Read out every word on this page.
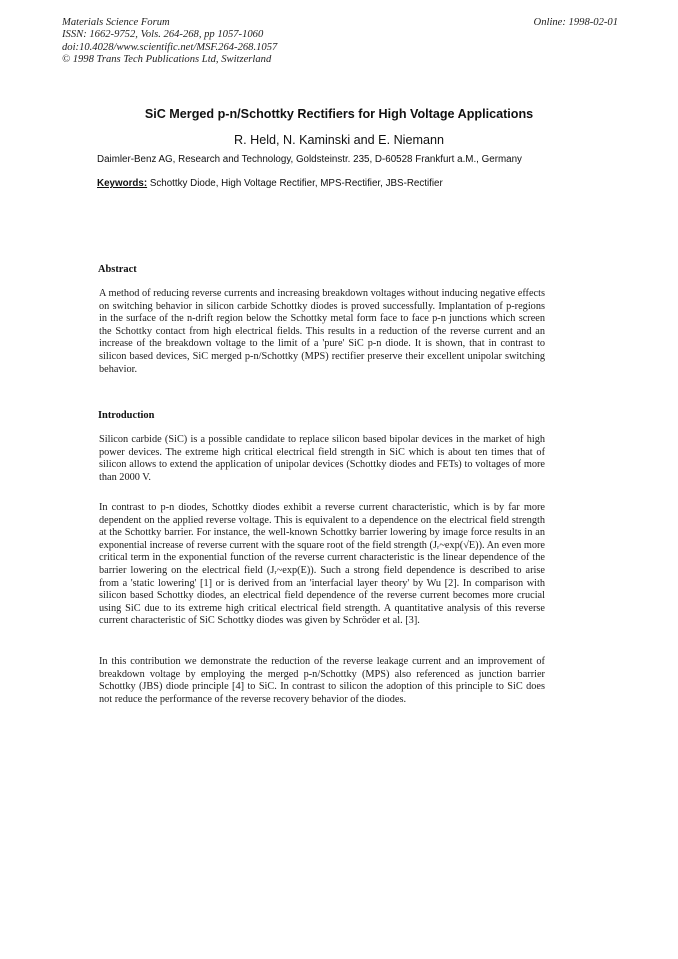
Materials Science Forum
ISSN: 1662-9752, Vols. 264-268, pp 1057-1060
doi:10.4028/www.scientific.net/MSF.264-268.1057
© 1998 Trans Tech Publications Ltd, Switzerland
Online: 1998-02-01
SiC Merged p-n/Schottky Rectifiers for High Voltage Applications
R. Held, N. Kaminski and E. Niemann
Daimler-Benz AG, Research and Technology, Goldsteinstr. 235, D-60528 Frankfurt a.M., Germany
Keywords: Schottky Diode, High Voltage Rectifier, MPS-Rectifier, JBS-Rectifier
Abstract

A method of reducing reverse currents and increasing breakdown voltages without inducing negative effects on switching behavior in silicon carbide Schottky diodes is proved successfully. Implantation of p-regions in the surface of the n-drift region below the Schottky metal form face to face p-n junctions which screen the Schottky contact from high electrical fields. This results in a reduction of the reverse current and an increase of the breakdown voltage to the limit of a 'pure' SiC p-n diode. It is shown, that in contrast to silicon based devices, SiC merged p-n/Schottky (MPS) rectifier preserve their excellent unipolar switching behavior.

Introduction

Silicon carbide (SiC) is a possible candidate to replace silicon based bipolar devices in the market of high power devices. The extreme high critical electrical field strength in SiC which is about ten times that of silicon allows to extend the application of unipolar devices (Schottky diodes and FETs) to voltages of more than 2000 V.

In contrast to p-n diodes, Schottky diodes exhibit a reverse current characteristic, which is by far more dependent on the applied reverse voltage. This is equivalent to a dependence on the electrical field strength at the Schottky barrier. For instance, the well-known Schottky barrier lowering by image force results in an exponential increase of reverse current with the square root of the field strength (Jᵣ~exp(√E)). An even more critical term in the exponential function of the reverse current characteristic is the linear dependence of the barrier lowering on the electrical field (Jᵣ~exp(E)). Such a strong field dependence is described to arise from a 'static lowering' [1] or is derived from an 'interfacial layer theory' by Wu [2]. In comparison with silicon based Schottky diodes, an electrical field dependence of the reverse current becomes more crucial using SiC due to its extreme high critical electrical field strength. A quantitative analysis of this reverse current characteristic of SiC Schottky diodes was given by Schröder et al. [3].

In this contribution we demonstrate the reduction of the reverse leakage current and an improvement of breakdown voltage by employing the merged p-n/Schottky (MPS) also referenced as junction barrier Schottky (JBS) diode principle [4] to SiC. In contrast to silicon the adoption of this principle to SiC does not reduce the performance of the reverse recovery behavior of the diodes.
